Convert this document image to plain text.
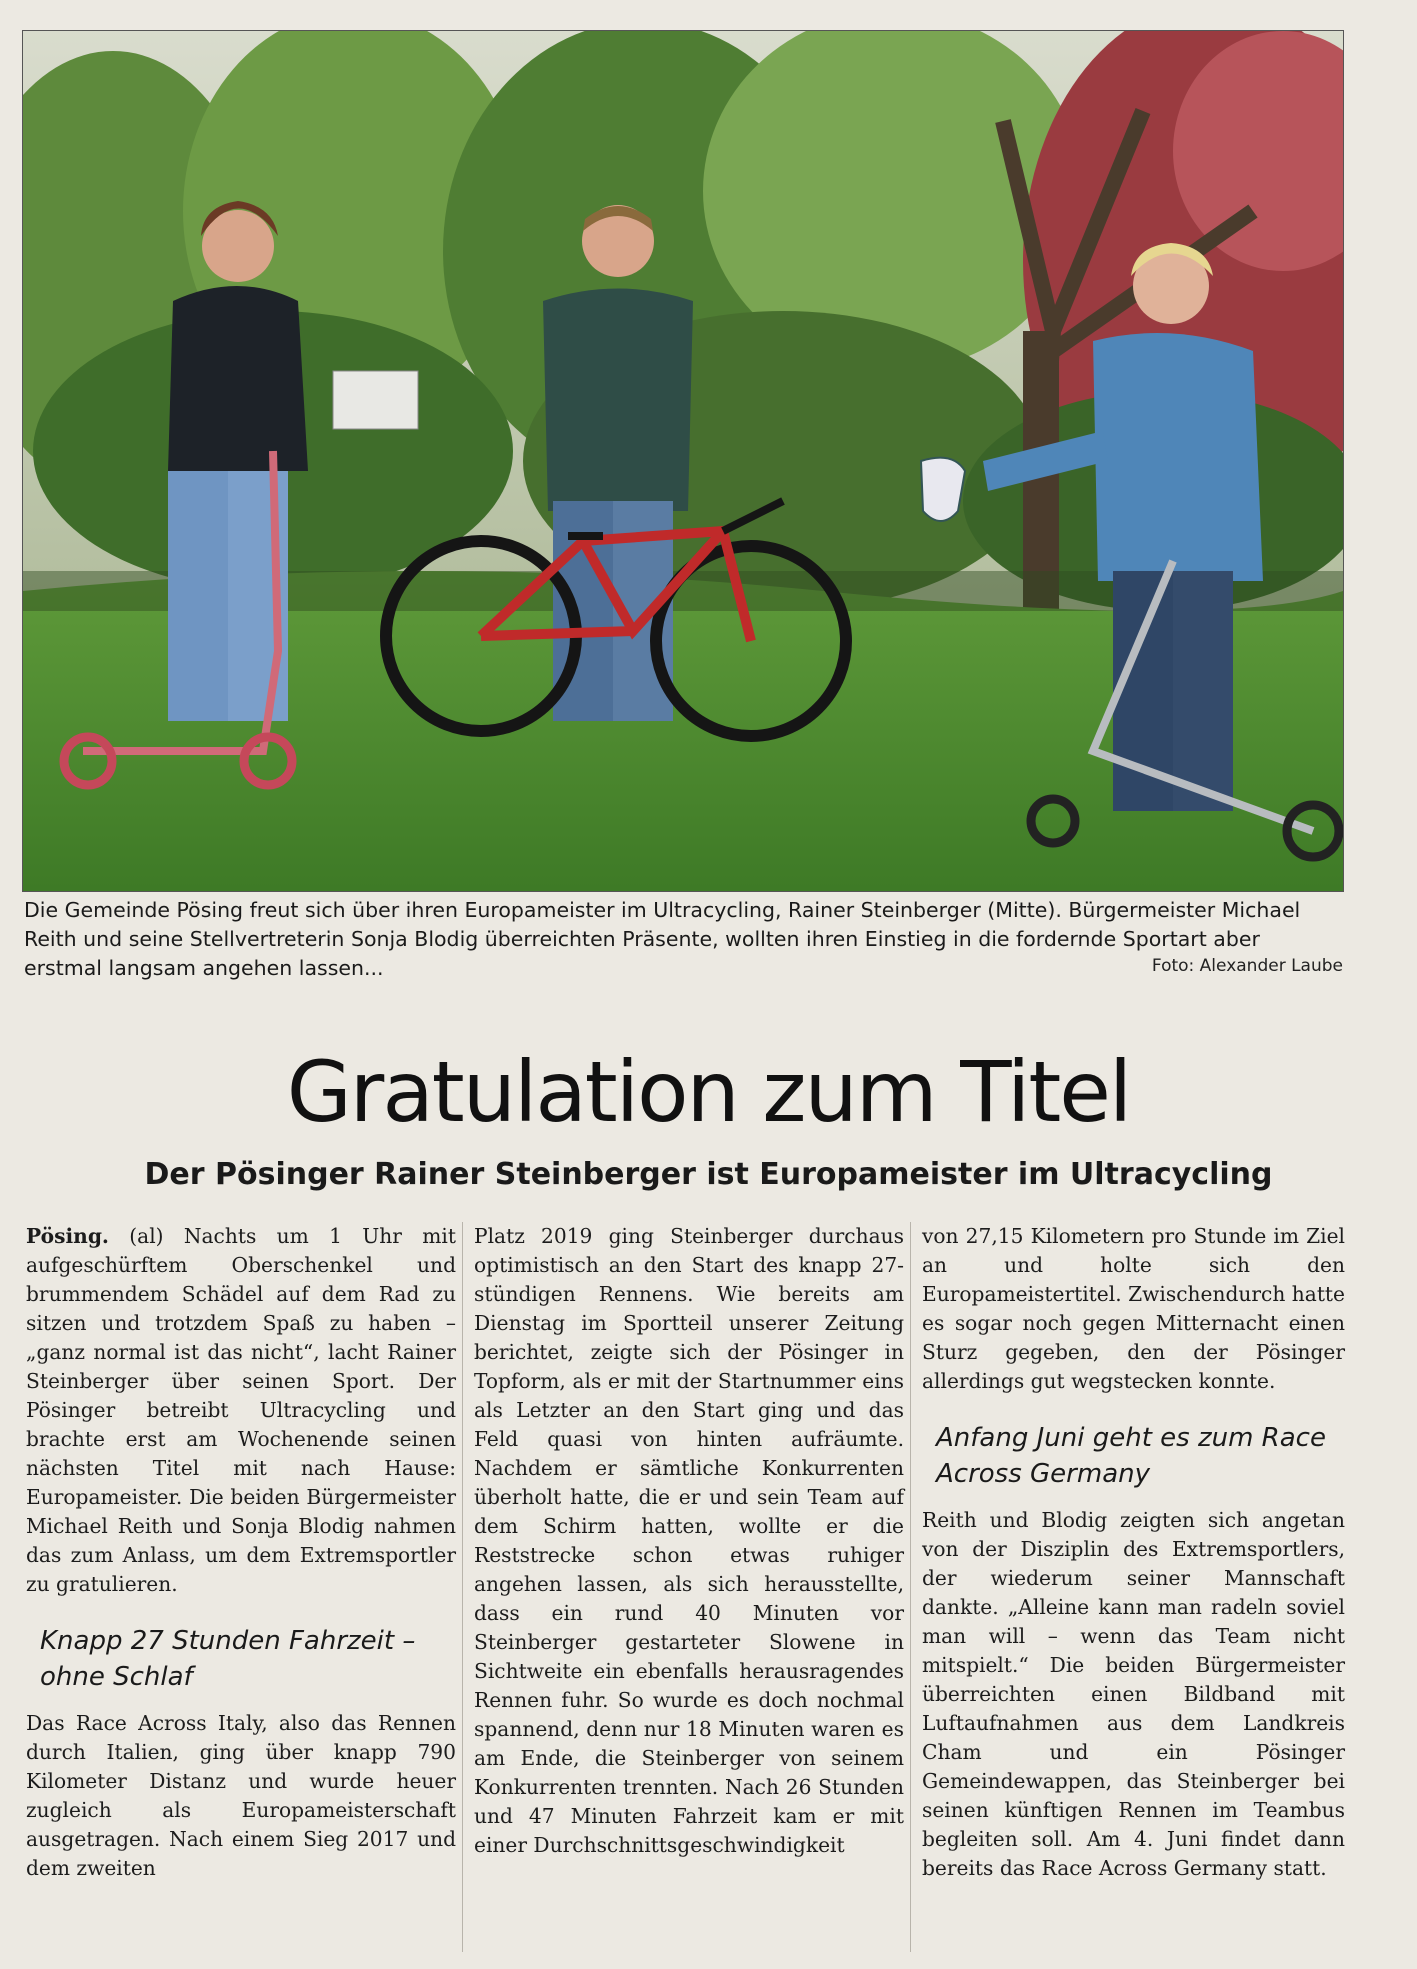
Die Gemeinde Pösing freut sich über ihren Europameister im Ultracycling, Rainer Steinberger (Mitte). Bürgermeister Michael Reith und seine Stellvertreterin Sonja Blodig überreichten Präsente, wollten ihren Einstieg in die fordernde Sportart aber erstmal langsam angehen lassen...	Foto: Alexander Laube
Gratulation zum Titel
Der Pösinger Rainer Steinberger ist Europameister im Ultracycling

Pösing. (al) Nachts um 1 Uhr mit aufgeschürftem Oberschenkel und brummendem Schädel auf dem Rad zu sitzen und trotzdem Spaß zu haben – „ganz normal ist das nicht“, lacht Rainer Steinberger über seinen Sport. Der Pösinger betreibt Ultracycling und brachte erst am Wochenende seinen nächsten Titel mit nach Hause: Europameister. Die beiden Bürgermeister Michael Reith und Sonja Blodig nahmen das zum Anlass, um dem Extremsportler zu gratulieren.

Knapp 27 Stunden Fahrzeit – ohne Schlaf

Das Race Across Italy, also das Rennen durch Italien, ging über knapp 790 Kilometer Distanz und wurde heuer zugleich als Europameisterschaft ausgetragen. Nach einem Sieg 2017 und dem zweiten

Platz 2019 ging Steinberger durchaus optimistisch an den Start des knapp 27-stündigen Rennens. Wie bereits am Dienstag im Sportteil unserer Zeitung berichtet, zeigte sich der Pösinger in Topform, als er mit der Startnummer eins als Letzter an den Start ging und das Feld quasi von hinten aufräumte. Nachdem er sämtliche Konkurrenten überholt hatte, die er und sein Team auf dem Schirm hatten, wollte er die Reststrecke schon etwas ruhiger angehen lassen, als sich herausstellte, dass ein rund 40 Minuten vor Steinberger gestarteter Slowene in Sichtweite ein ebenfalls herausragendes Rennen fuhr. So wurde es doch nochmal spannend, denn nur 18 Minuten waren es am Ende, die Steinberger von seinem Konkurrenten trennten. Nach 26 Stunden und 47 Minuten Fahrzeit kam er mit einer Durchschnittsgeschwindigkeit

von 27,15 Kilometern pro Stunde im Ziel an und holte sich den Europameistertitel. Zwischendurch hatte es sogar noch gegen Mitternacht einen Sturz gegeben, den der Pösinger allerdings gut wegstecken konnte.

Anfang Juni geht es zum Race Across Germany

Reith und Blodig zeigten sich angetan von der Disziplin des Extremsportlers, der wiederum seiner Mannschaft dankte. „Alleine kann man radeln soviel man will – wenn das Team nicht mitspielt.“ Die beiden Bürgermeister überreichten einen Bildband mit Luftaufnahmen aus dem Landkreis Cham und ein Pösinger Gemeindewappen, das Steinberger bei seinen künftigen Rennen im Teambus begleiten soll. Am 4. Juni findet dann bereits das Race Across Germany statt.
